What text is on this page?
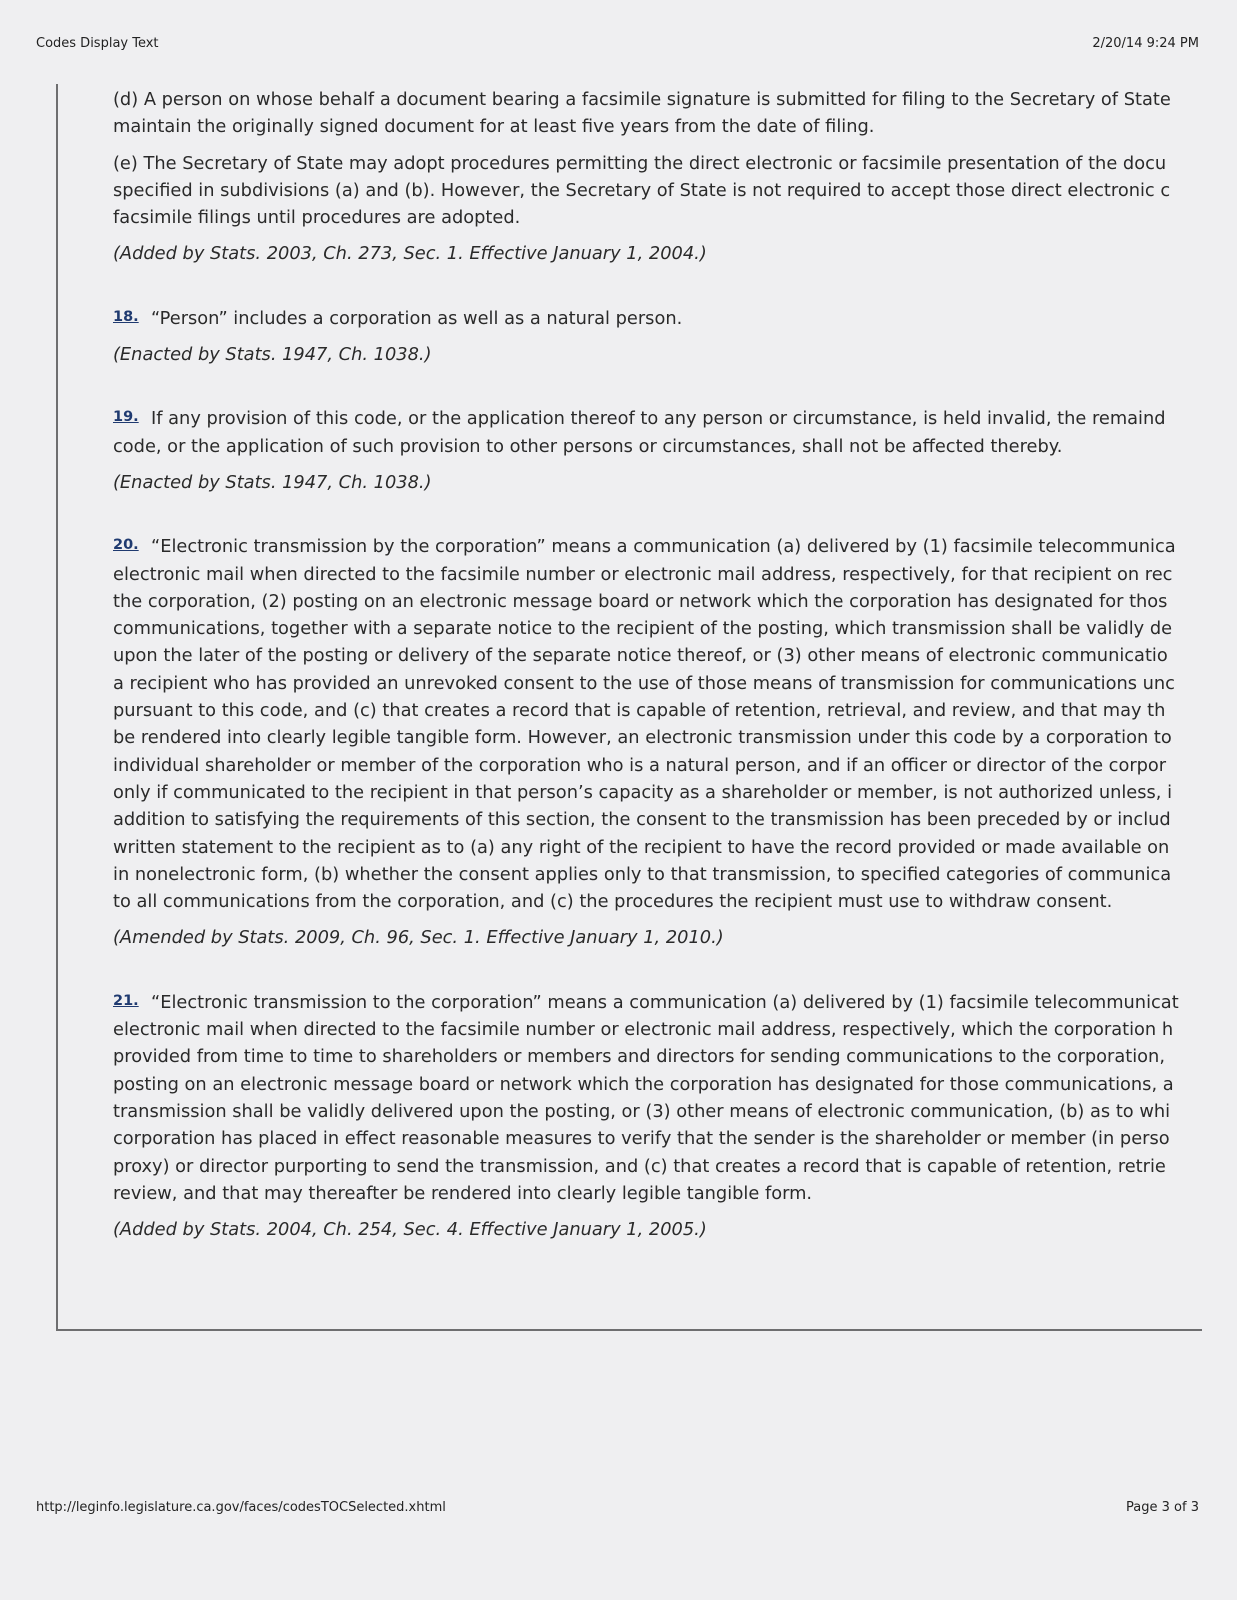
Codes Display Text	2/20/14 9:24 PM
(d) A person on whose behalf a document bearing a facsimile signature is submitted for filing to the Secretary of State
maintain the originally signed document for at least five years from the date of filing.
(e) The Secretary of State may adopt procedures permitting the direct electronic or facsimile presentation of the docu
specified in subdivisions (a) and (b). However, the Secretary of State is not required to accept those direct electronic c
facsimile filings until procedures are adopted.
(Added by Stats. 2003, Ch. 273, Sec. 1. Effective January 1, 2004.)
18. “Person” includes a corporation as well as a natural person.
(Enacted by Stats. 1947, Ch. 1038.)
19. If any provision of this code, or the application thereof to any person or circumstance, is held invalid, the remaind
code, or the application of such provision to other persons or circumstances, shall not be affected thereby.
(Enacted by Stats. 1947, Ch. 1038.)
20. “Electronic transmission by the corporation” means a communication (a) delivered by (1) facsimile telecommunica
electronic mail when directed to the facsimile number or electronic mail address, respectively, for that recipient on rec
the corporation, (2) posting on an electronic message board or network which the corporation has designated for thos
communications, together with a separate notice to the recipient of the posting, which transmission shall be validly de
upon the later of the posting or delivery of the separate notice thereof, or (3) other means of electronic communicatio
a recipient who has provided an unrevoked consent to the use of those means of transmission for communications unc
pursuant to this code, and (c) that creates a record that is capable of retention, retrieval, and review, and that may th
be rendered into clearly legible tangible form. However, an electronic transmission under this code by a corporation to
individual shareholder or member of the corporation who is a natural person, and if an officer or director of the corpor
only if communicated to the recipient in that person’s capacity as a shareholder or member, is not authorized unless, i
addition to satisfying the requirements of this section, the consent to the transmission has been preceded by or includ
written statement to the recipient as to (a) any right of the recipient to have the record provided or made available on
in nonelectronic form, (b) whether the consent applies only to that transmission, to specified categories of communica
to all communications from the corporation, and (c) the procedures the recipient must use to withdraw consent.
(Amended by Stats. 2009, Ch. 96, Sec. 1. Effective January 1, 2010.)
21. “Electronic transmission to the corporation” means a communication (a) delivered by (1) facsimile telecommunicat
electronic mail when directed to the facsimile number or electronic mail address, respectively, which the corporation h
provided from time to time to shareholders or members and directors for sending communications to the corporation,
posting on an electronic message board or network which the corporation has designated for those communications, a
transmission shall be validly delivered upon the posting, or (3) other means of electronic communication, (b) as to whi
corporation has placed in effect reasonable measures to verify that the sender is the shareholder or member (in perso
proxy) or director purporting to send the transmission, and (c) that creates a record that is capable of retention, retrie
review, and that may thereafter be rendered into clearly legible tangible form.
(Added by Stats. 2004, Ch. 254, Sec. 4. Effective January 1, 2005.)
http://leginfo.legislature.ca.gov/faces/codesTOCSelected.xhtml	Page 3 of 3
